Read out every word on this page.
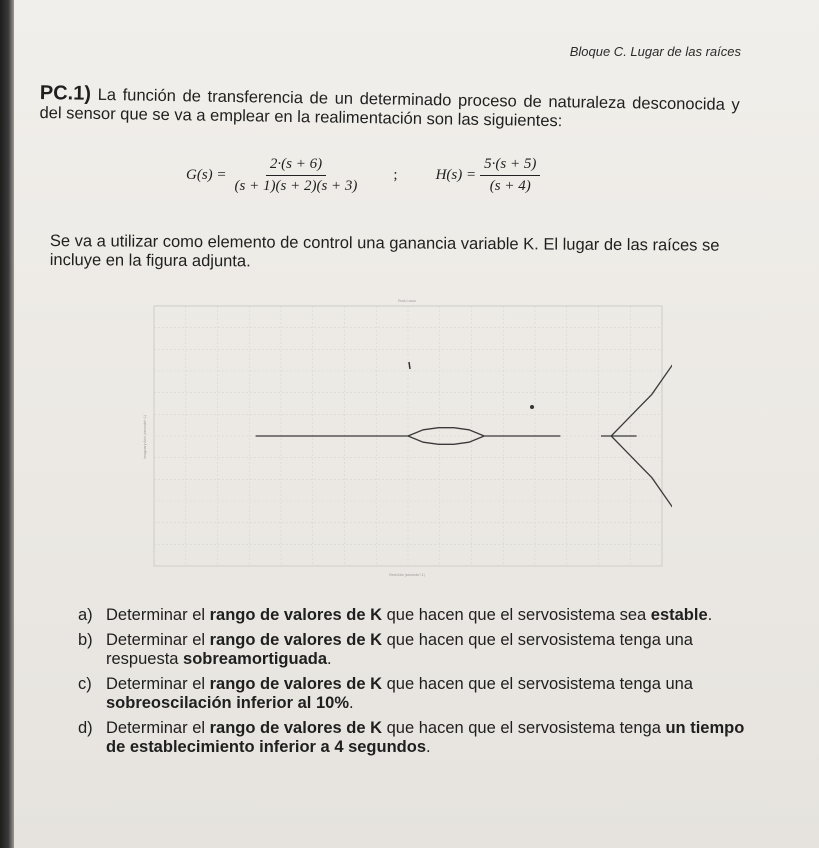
Bloque C. Lugar de las raíces
PC.1) La función de transferencia de un determinado proceso de naturaleza desconocida y del sensor que se va a emplear en la realimentación son las siguientes:
$G(s) = \frac{2\cdot(s + 6)}{(s + 1)(s + 2)(s + 3)}$ ;	$H(s) = \frac{5\cdot(s + 5)}{(s + 4)}$
Se va a utilizar como elemento de control una ganancia variable K. El lugar de las raíces se incluye en la figura adjunta.
Root Locus
Real Axis (seconds^-1)
Imaginary Axis (seconds^-1)
a) Determinar el rango de valores de K que hacen que el servosistema sea estable.
b) Determinar el rango de valores de K que hacen que el servosistema tenga una respuesta sobreamortiguada.
c) Determinar el rango de valores de K que hacen que el servosistema tenga una sobreoscilación inferior al 10%.
d) Determinar el rango de valores de K que hacen que el servosistema tenga un tiempo de establecimiento inferior a 4 segundos.
